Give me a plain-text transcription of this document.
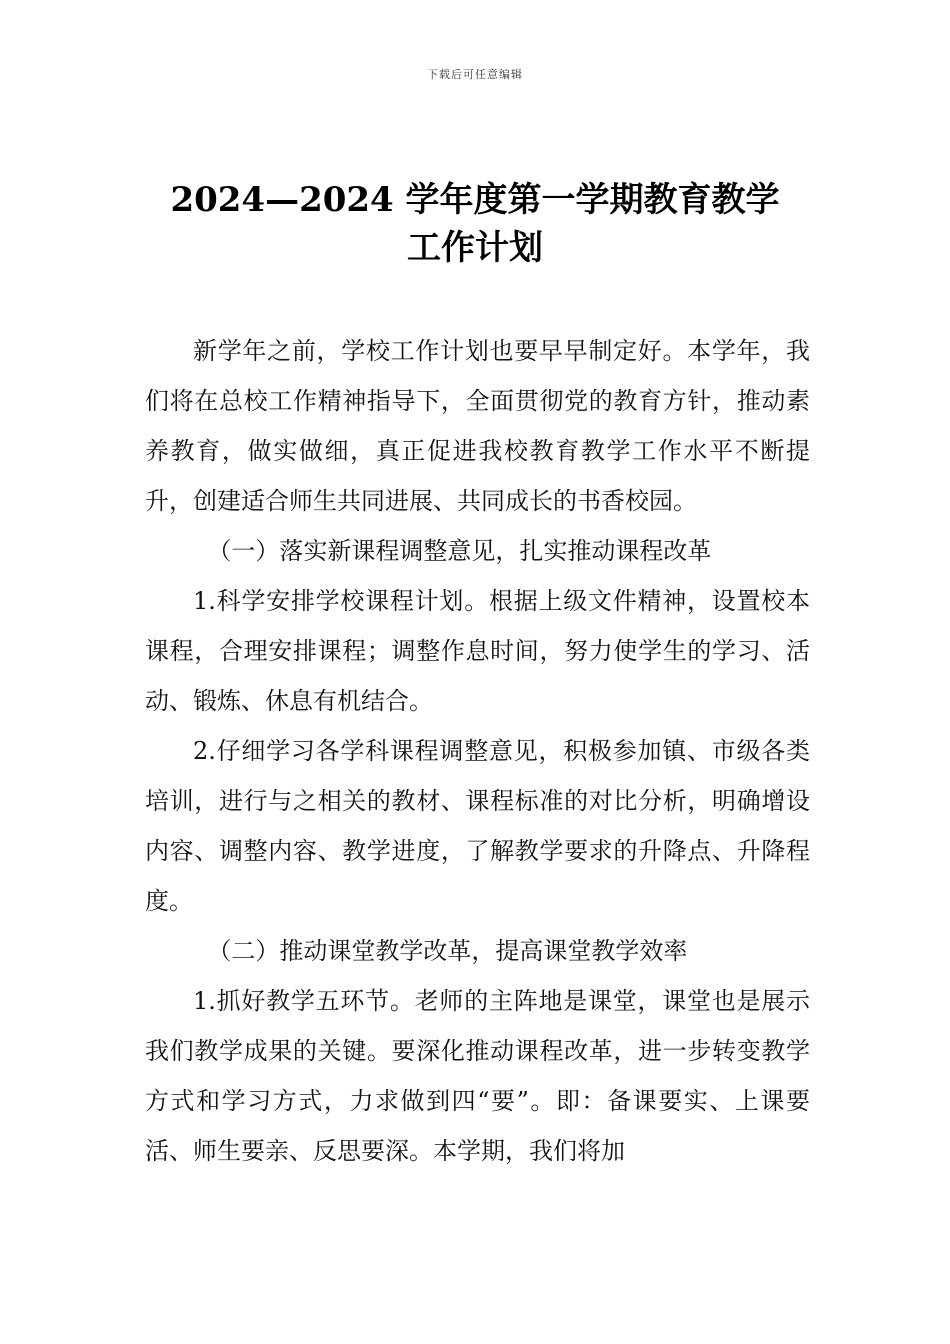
下载后可任意编辑
2024—2024 学年度第一学期教育教学
工作计划

新学年之前，学校工作计划也要早早制定好。本学年，我们将在总校工作精神指导下，全面贯彻党的教育方针，推动素养教育，做实做细，真正促进我校教育教学工作水平不断提升，创建适合师生共同进展、共同成长的书香校园。

（一）落实新课程调整意见，扎实推动课程改革

1.科学安排学校课程计划。根据上级文件精神，设置校本课程，合理安排课程；调整作息时间，努力使学生的学习、活动、锻炼、休息有机结合。

2.仔细学习各学科课程调整意见，积极参加镇、市级各类培训，进行与之相关的教材、课程标准的对比分析，明确增设内容、调整内容、教学进度，了解教学要求的升降点、升降程度。

（二）推动课堂教学改革，提高课堂教学效率

1.抓好教学五环节。老师的主阵地是课堂，课堂也是展示我们教学成果的关键。要深化推动课程改革，进一步转变教学方式和学习方式，力求做到四“要”。即：备课要实、上课要活、师生要亲、反思要深。本学期，我们将加
